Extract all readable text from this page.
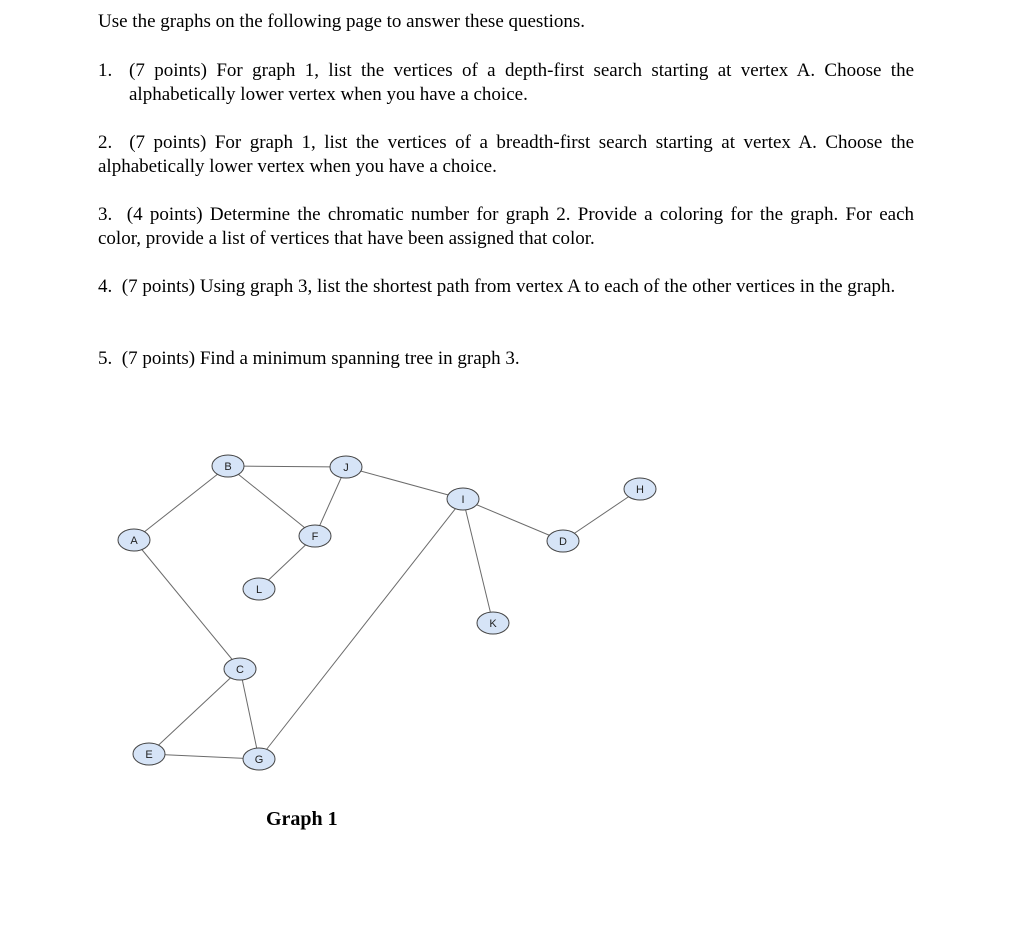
Use the graphs on the following page to answer these questions.

1. (7 points) For graph 1, list the vertices of a depth-first search starting at vertex A. Choose the alphabetically lower vertex when you have a choice.

2. (7 points) For graph 1, list the vertices of a breadth-first search starting at vertex A. Choose the alphabetically lower vertex when you have a choice.

3. (4 points) Determine the chromatic number for graph 2. Provide a coloring for the graph. For each color, provide a list of vertices that have been assigned that color.

4. (7 points) Using graph 3, list the shortest path from vertex A to each of the other vertices in the graph.

5. (7 points) Find a minimum spanning tree in graph 3.

A
B
C
D
E
F
G
H
I
J
K
L

Graph 1
